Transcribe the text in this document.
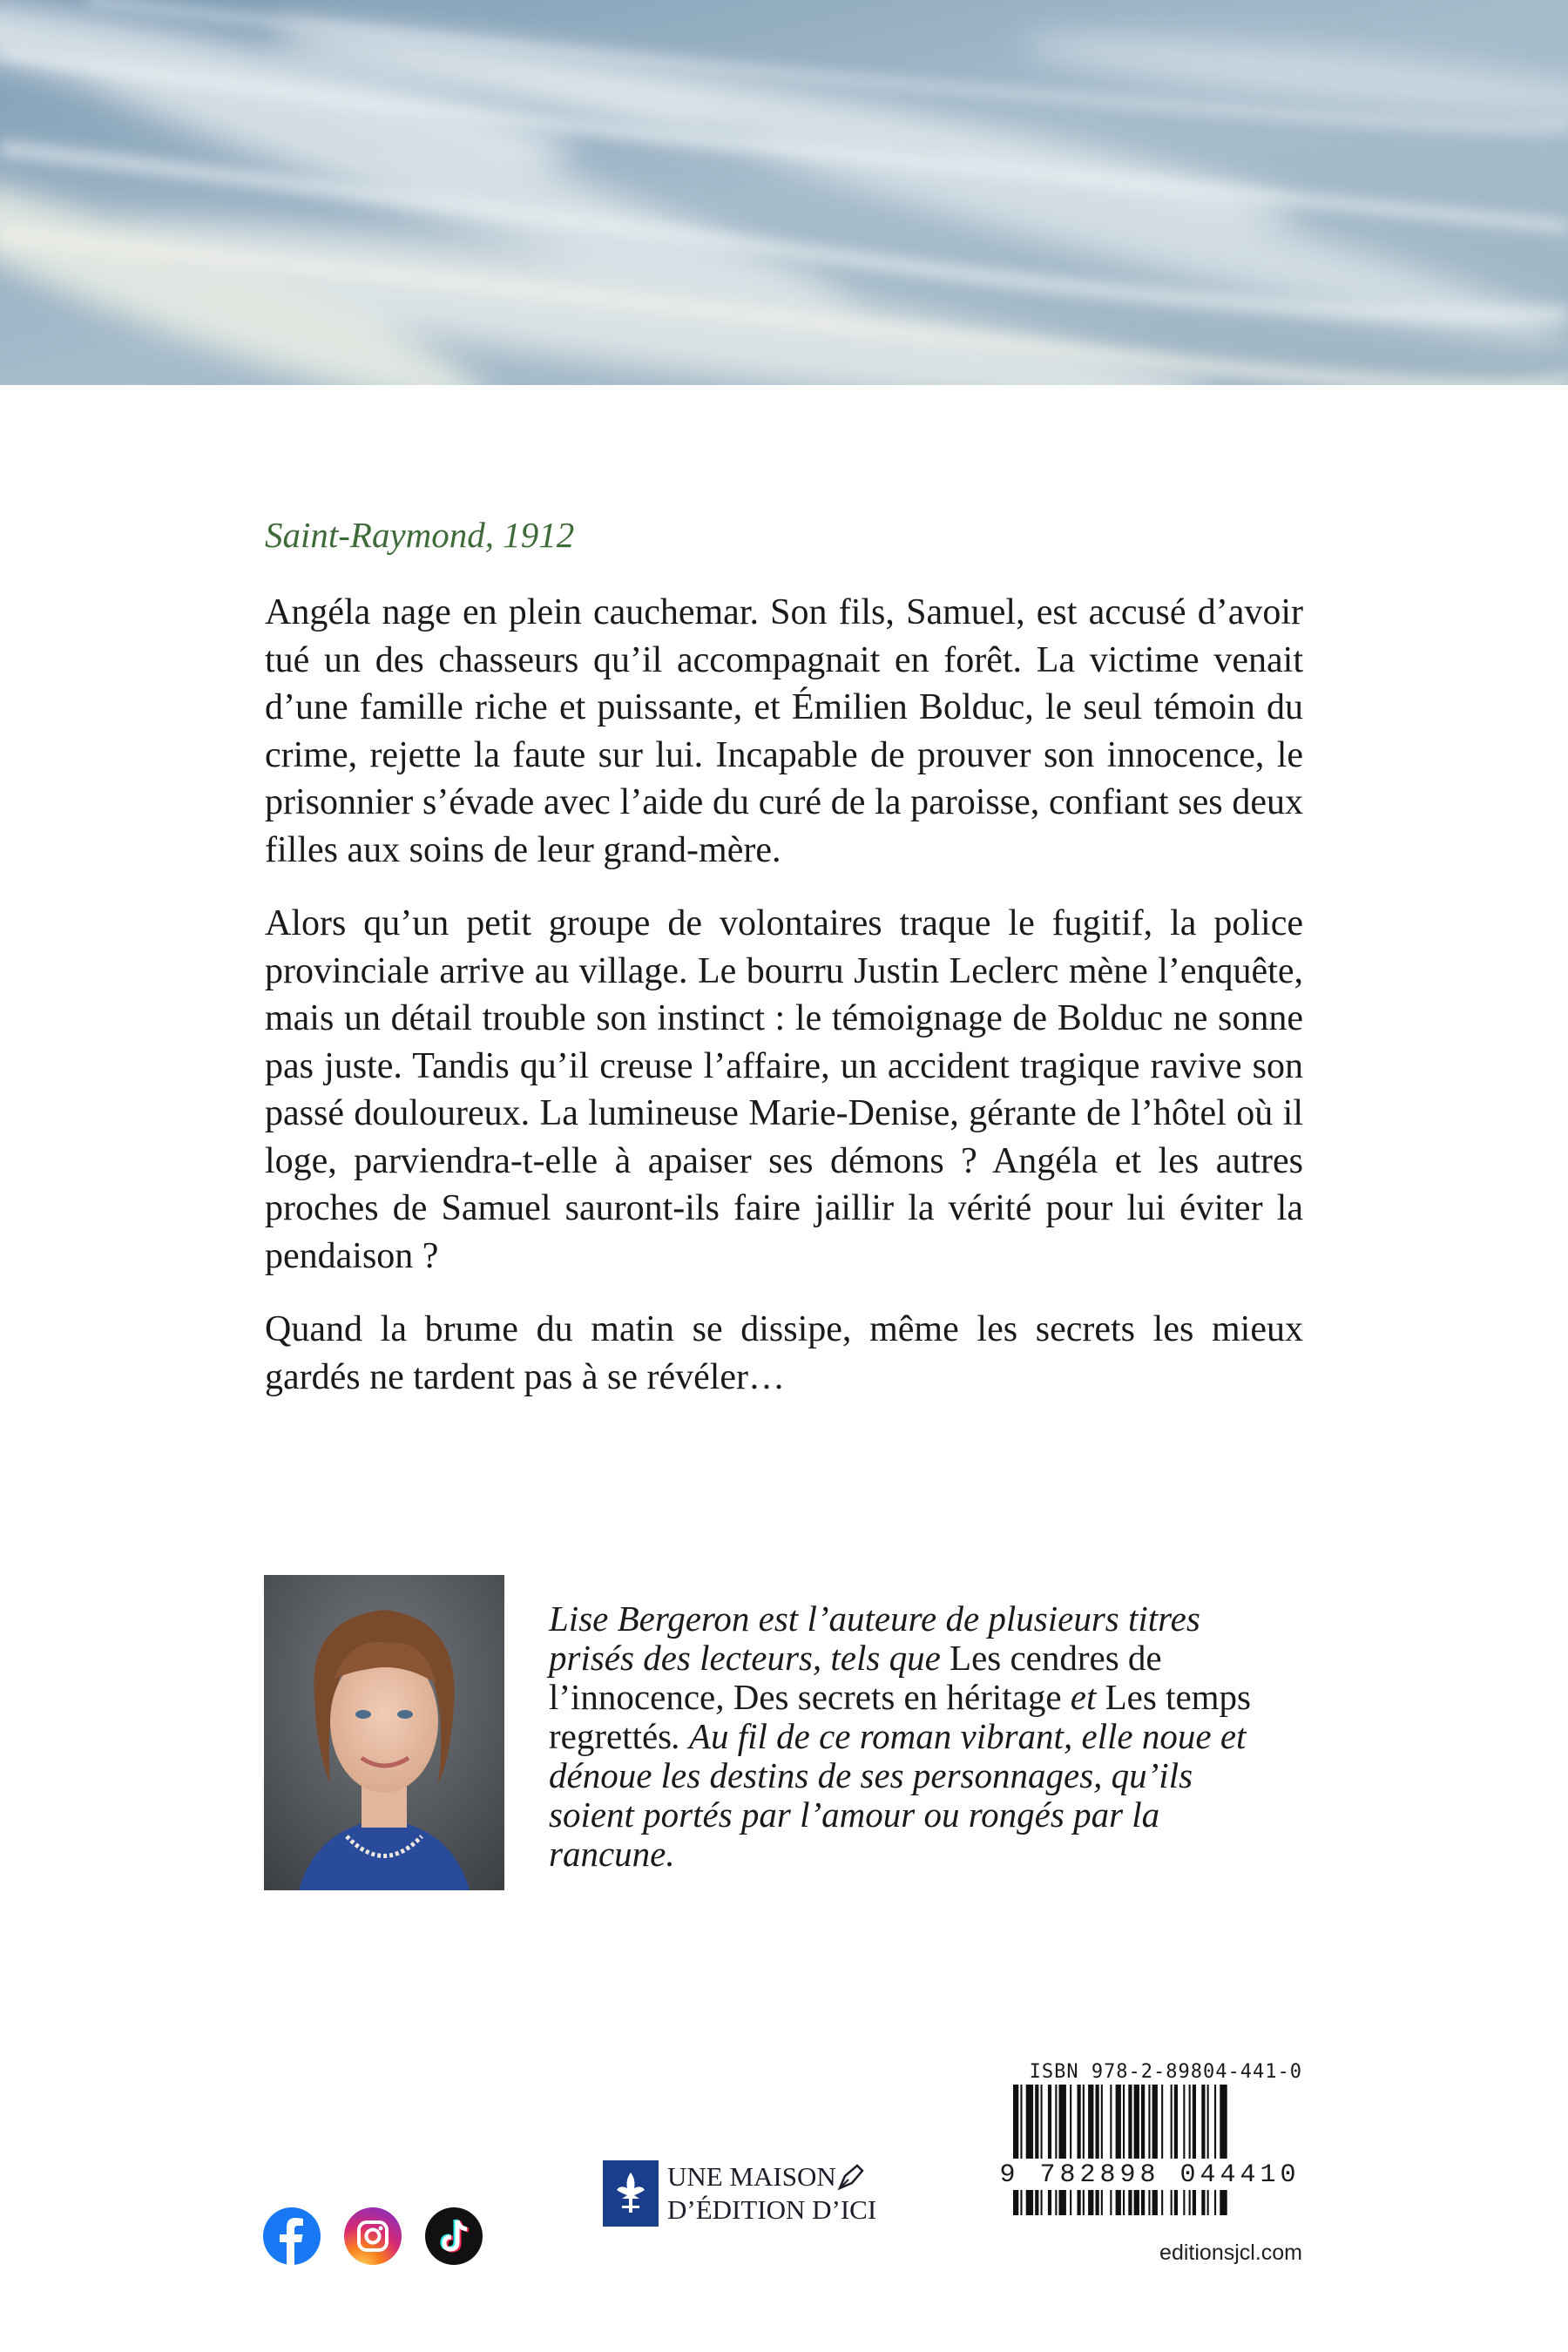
Saint-Raymond, 1912

Angéla nage en plein cauchemar. Son fils, Samuel, est accusé d’avoir tué un des chasseurs qu’il accompagnait en forêt. La victime venait d’une famille riche et puissante, et Émilien Bolduc, le seul témoin du crime, rejette la faute sur lui. Incapable de prouver son innocence, le prisonnier s’évade avec l’aide du curé de la paroisse, confiant ses deux filles aux soins de leur grand-mère.

Alors qu’un petit groupe de volontaires traque le fugitif, la police provinciale arrive au village. Le bourru Justin Leclerc mène l’enquête, mais un détail trouble son instinct : le témoignage de Bolduc ne sonne pas juste. Tandis qu’il creuse l’affaire, un accident tragique ravive son passé douloureux. La lumineuse Marie-Denise, gérante de l’hôtel où il loge, parviendra-t-elle à apaiser ses démons ? Angéla et les autres proches de Samuel sauront-ils faire jaillir la vérité pour lui éviter la pendaison ?

Quand la brume du matin se dissipe, même les secrets les mieux gardés ne tardent pas à se révéler…

Lise Bergeron est l’auteure de plusieurs titres prisés des lecteurs, tels que Les cendres de l’innocence, Des secrets en héritage et Les temps regrettés. Au fil de ce roman vibrant, elle noue et dénoue les destins de ses personnages, qu’ils soient portés par l’amour ou rongés par la rancune.
UNE MAISON
D’ÉDITION D’ICI
ISBN 978-2-89804-441-0
9 782898 044410
editionsjcl.com
